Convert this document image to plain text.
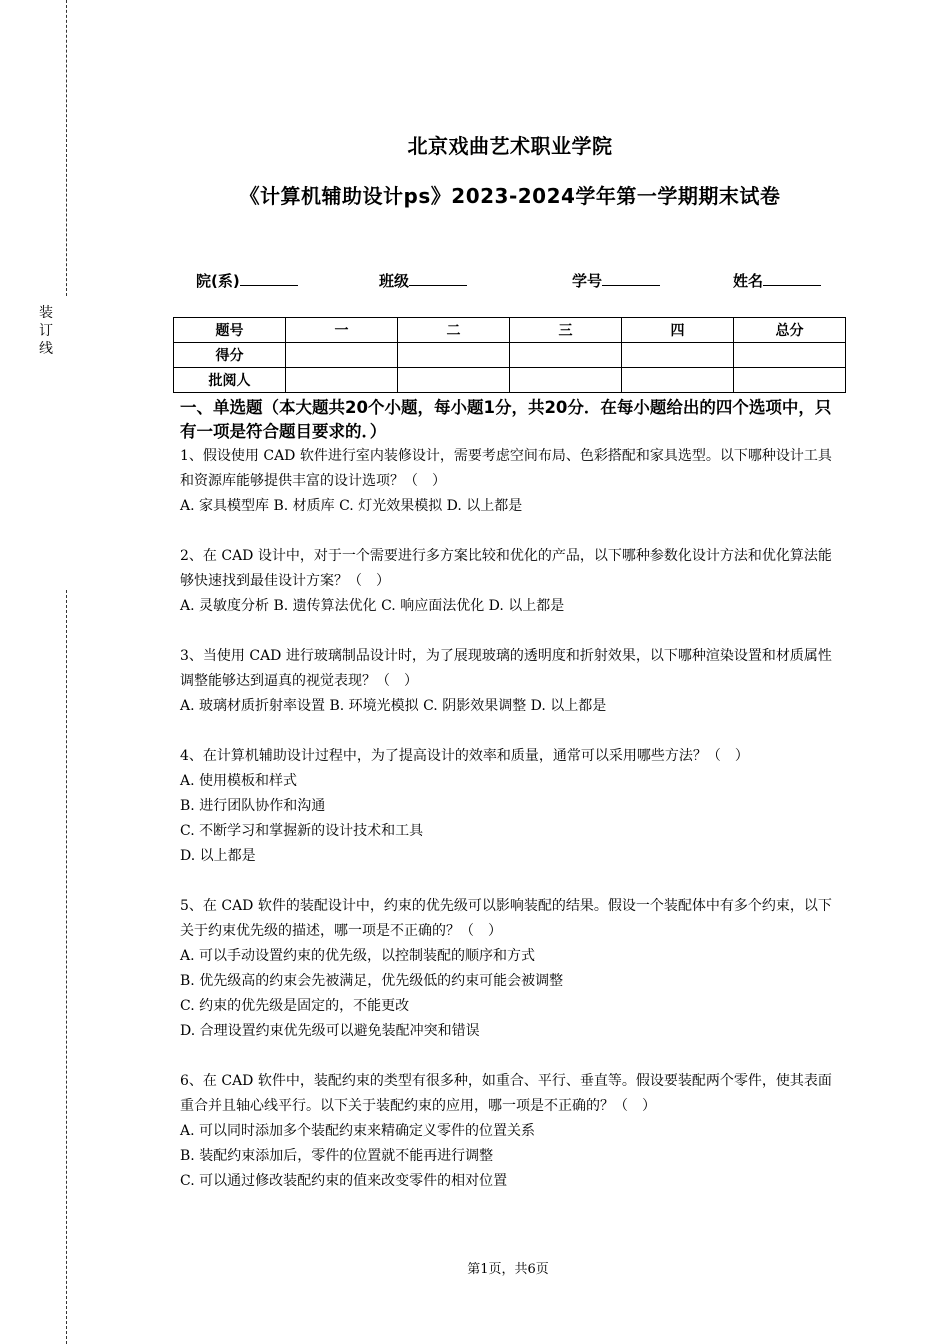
装订线
北京戏曲艺术职业学院
《计算机辅助设计ps》2023-2024学年第一学期期末试卷
院(系)	班级	学号	姓名
题号	一	二	三	四	总分
得分					
批阅人					

一、单选题（本大题共20个小题，每小题1分，共20分．在每小题给出的四个选项中，只有一项是符合题目要求的．）

1、假设使用 CAD 软件进行室内装修设计，需要考虑空间布局、色彩搭配和家具选型。以下哪种设计工具和资源库能够提供丰富的设计选项？（　）

A. 家具模型库 B. 材质库 C. 灯光效果模拟 D. 以上都是

2、在 CAD 设计中，对于一个需要进行多方案比较和优化的产品，以下哪种参数化设计方法和优化算法能够快速找到最佳设计方案？（　）

A. 灵敏度分析 B. 遗传算法优化 C. 响应面法优化 D. 以上都是

3、当使用 CAD 进行玻璃制品设计时，为了展现玻璃的透明度和折射效果，以下哪种渲染设置和材质属性调整能够达到逼真的视觉表现？（　）

A. 玻璃材质折射率设置 B. 环境光模拟 C. 阴影效果调整 D. 以上都是

4、在计算机辅助设计过程中，为了提高设计的效率和质量，通常可以采用哪些方法？（　）

A. 使用模板和样式

B. 进行团队协作和沟通

C. 不断学习和掌握新的设计技术和工具

D. 以上都是

5、在 CAD 软件的装配设计中，约束的优先级可以影响装配的结果。假设一个装配体中有多个约束，以下关于约束优先级的描述，哪一项是不正确的？（　）

A. 可以手动设置约束的优先级，以控制装配的顺序和方式

B. 优先级高的约束会先被满足，优先级低的约束可能会被调整

C. 约束的优先级是固定的，不能更改

D. 合理设置约束优先级可以避免装配冲突和错误

6、在 CAD 软件中，装配约束的类型有很多种，如重合、平行、垂直等。假设要装配两个零件，使其表面重合并且轴心线平行。以下关于装配约束的应用，哪一项是不正确的？（　）

A. 可以同时添加多个装配约束来精确定义零件的位置关系

B. 装配约束添加后，零件的位置就不能再进行调整

C. 可以通过修改装配约束的值来改变零件的相对位置

第1页，共6页
